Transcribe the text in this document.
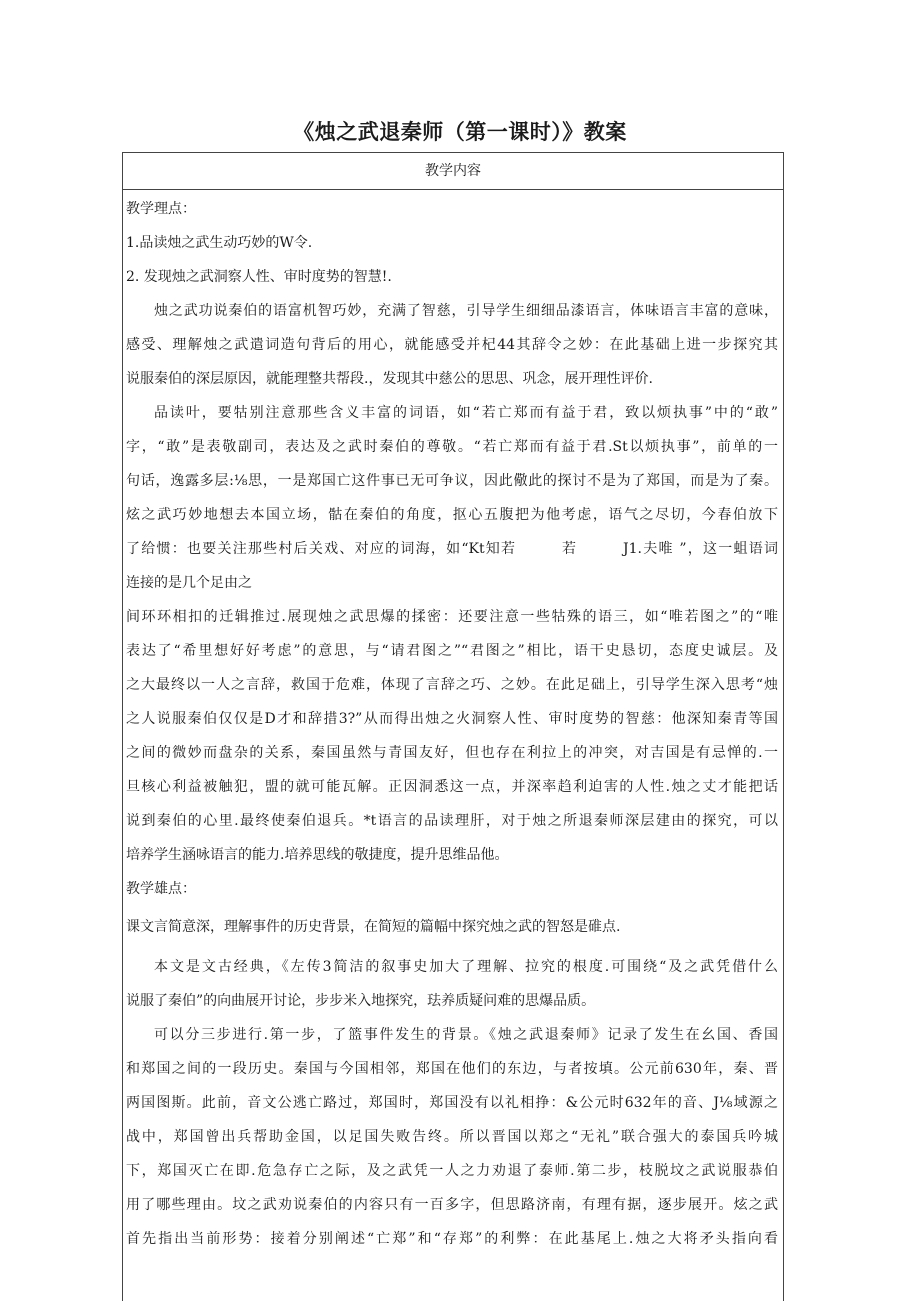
《烛之武退秦师（第一课时）》教案
教学内容
教学理点：
1.品读烛之武生动巧妙的W令.
2. 发现烛之武洞察人性、审时度势的智慧!.
烛之武功说秦伯的语富机智巧妙，充满了智慈，引导学生细细品漆语言，体味语言丰富的意味，
感受、理解烛之武遣词造句背后的用心，就能感受并杞44其辞令之妙：在此基础上进一步探究其
说服秦伯的深层原因，就能理整共帮段.，发现其中慈公的思思、巩念，展开理性评价.
品读叶，要牯别注意那些含义丰富的词语，如“若亡郑而有益于君，致以烦执事”中的“敢”
字，“敢”是表敬副司，表达及之武时秦伯的尊敬。“若亡郑而有益于君.St以烦执事”，前单的一
句话，逸露多层:⅛思，一是郑国亡这件事已无可争议，因此儆此的探讨不是为了郑国，而是为了秦。
炫之武巧妙地想去本国立场，骷在秦伯的角度，抠心五腹把为他考虑，语气之尽切，今春伯放下
了给惯：也要关注那些村后关戏、对应的词海，如“Kt知若　　　若　　　J1.夫唯 ”，这一蛆语词
连接的是几个足由之
间环环相扣的迁辑推过.展现烛之武思爆的揉密：还要注意一些牯殊的语三，如“唯若图之”的“唯
表达了“希里想好好考虑”的意思，与“请君图之”“君图之”相比，语干史恳切，态度史诚层。及
之大最终以一人之言辞，救国于危难，体现了言辞之巧、之妙。在此足础上，引导学生深入思考“烛
之人说服秦伯仅仅是D才和辞措3?”从而得出烛之火洞察人性、审时度势的智慈：他深知秦青等国
之间的微妙而盘杂的关系，秦国虽然与青国友好，但也存在利拉上的冲突，对吉国是有忌惮的.一
旦核心利益被触犯，盟的就可能瓦解。正因洞悉这一点，并深率趋利迫害的人性.烛之丈才能把话
说到秦伯的心里.最终使秦伯退兵。*t语言的品读理肝，对于烛之所退秦师深层建由的探究，可以
培养学生涵咏语言的能力.培养思线的敬捷度，提升思维品他。
教学雄点：
课文言简意深，理解事件的历史背景，在简短的篇幅中探究烛之武的智怒是碓点.
本文是文古经典，《左传3简洁的叙事史加大了理解、拉究的根度.可围绕“及之武凭借什么
说服了秦伯”的向曲展开讨论，步步米入地探究，珐养质疑问难的思爆品质。
可以分三步进行.第一步，了篮事件发生的背景。《烛之武退秦师》记录了发生在幺国、香国
和郑国之间的一段历史。秦国与今国相邻，郑国在他们的东边，与者按填。公元前630年，秦、晋
两国图斯。此前，音文公逃亡路过，郑国时，郑国没有以礼相挣：&公元时632年的音、J⅛域源之
战中，郑国曾出兵帮助金国，以足国失败告终。所以晋国以郑之“无礼”联合强大的泰国兵吟城
下，郑国灭亡在即.危急存亡之际，及之武凭一人之力劝退了泰师.第二步，枝脱坟之武说服恭伯
用了哪些理由。坟之武劝说秦伯的内容只有一百多字，但思路济南，有理有据，逐步展开。炫之武
首先指出当前形势：接着分别阐述“亡郑”和“存郑”的利弊：在此基尾上.烛之大将矛头指向看
